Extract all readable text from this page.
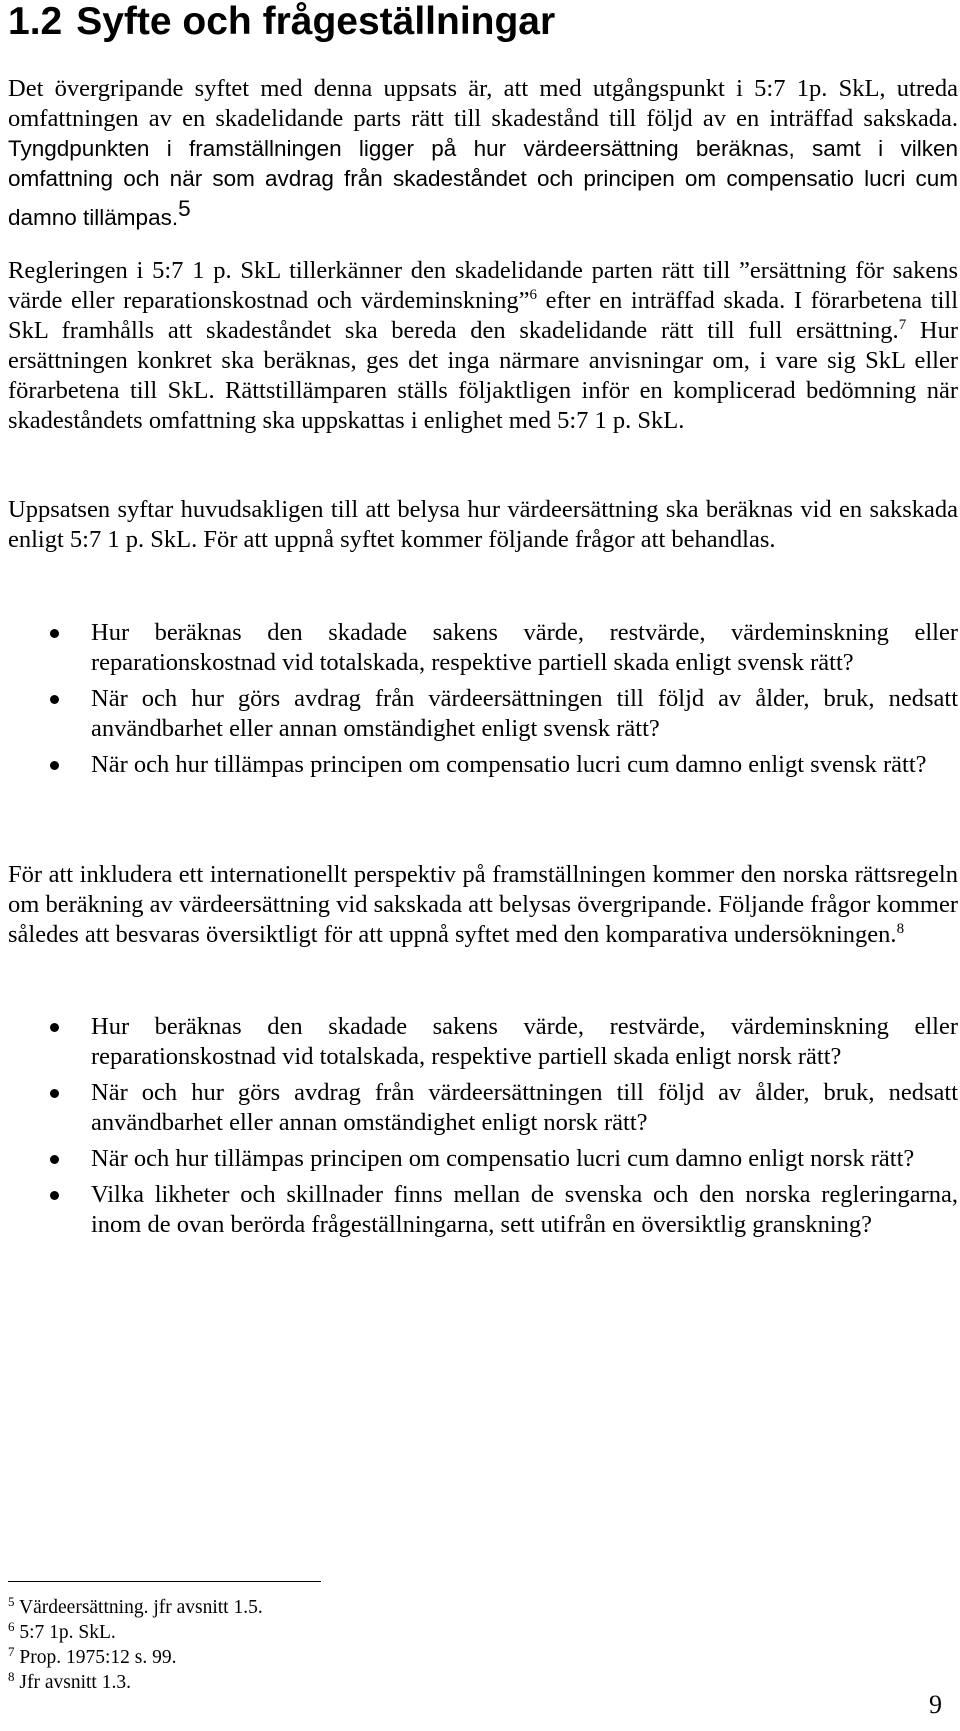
1.2 Syfte och frågeställningar

Det övergripande syftet med denna uppsats är, att med utgångspunkt i 5:7 1p. SkL, utreda omfattningen av en skadelidande parts rätt till skadestånd till följd av en inträffad sakskada. Tyngdpunkten i framställningen ligger på hur värdeersättning beräknas, samt i vilken omfattning och när som avdrag från skadeståndet och principen om compensatio lucri cum damno tillämpas.$^5$

Regleringen i 5:7 1 p. SkL tillerkänner den skadelidande parten rätt till ”ersättning för sakens värde eller reparationskostnad och värdeminskning”$^6$ efter en inträffad skada. I förarbetena till SkL framhålls att skadeståndet ska bereda den skadelidande rätt till full ersättning.$^7$ Hur ersättningen konkret ska beräknas, ges det inga närmare anvisningar om, i vare sig SkL eller förarbetena till SkL. Rättstillämparen ställs följaktligen inför en komplicerad bedömning när skadeståndets omfattning ska uppskattas i enlighet med 5:7 1 p. SkL.

Uppsatsen syftar huvudsakligen till att belysa hur värdeersättning ska beräknas vid en sakskada enligt 5:7 1 p. SkL. För att uppnå syftet kommer följande frågor att behandlas.

Hur beräknas den skadade sakens värde, restvärde, värdeminskning eller reparationskostnad vid totalskada, respektive partiell skada enligt svensk rätt?
När och hur görs avdrag från värdeersättningen till följd av ålder, bruk, nedsatt användbarhet eller annan omständighet enligt svensk rätt?
När och hur tillämpas principen om compensatio lucri cum damno enligt svensk rätt?

För att inkludera ett internationellt perspektiv på framställningen kommer den norska rättsregeln om beräkning av värdeersättning vid sakskada att belysas övergripande. Följande frågor kommer således att besvaras översiktligt för att uppnå syftet med den komparativa undersökningen.$^8$

Hur beräknas den skadade sakens värde, restvärde, värdeminskning eller reparationskostnad vid totalskada, respektive partiell skada enligt norsk rätt?
När och hur görs avdrag från värdeersättningen till följd av ålder, bruk, nedsatt användbarhet eller annan omständighet enligt norsk rätt?
När och hur tillämpas principen om compensatio lucri cum damno enligt norsk rätt?
Vilka likheter och skillnader finns mellan de svenska och den norska regleringarna, inom de ovan berörda frågeställningarna, sett utifrån en översiktlig granskning?
$^5$ Värdeersättning. jfr avsnitt 1.5.
$^6$ 5:7 1p. SkL.
$^7$ Prop. 1975:12 s. 99.
$^8$ Jfr avsnitt 1.3.
9
